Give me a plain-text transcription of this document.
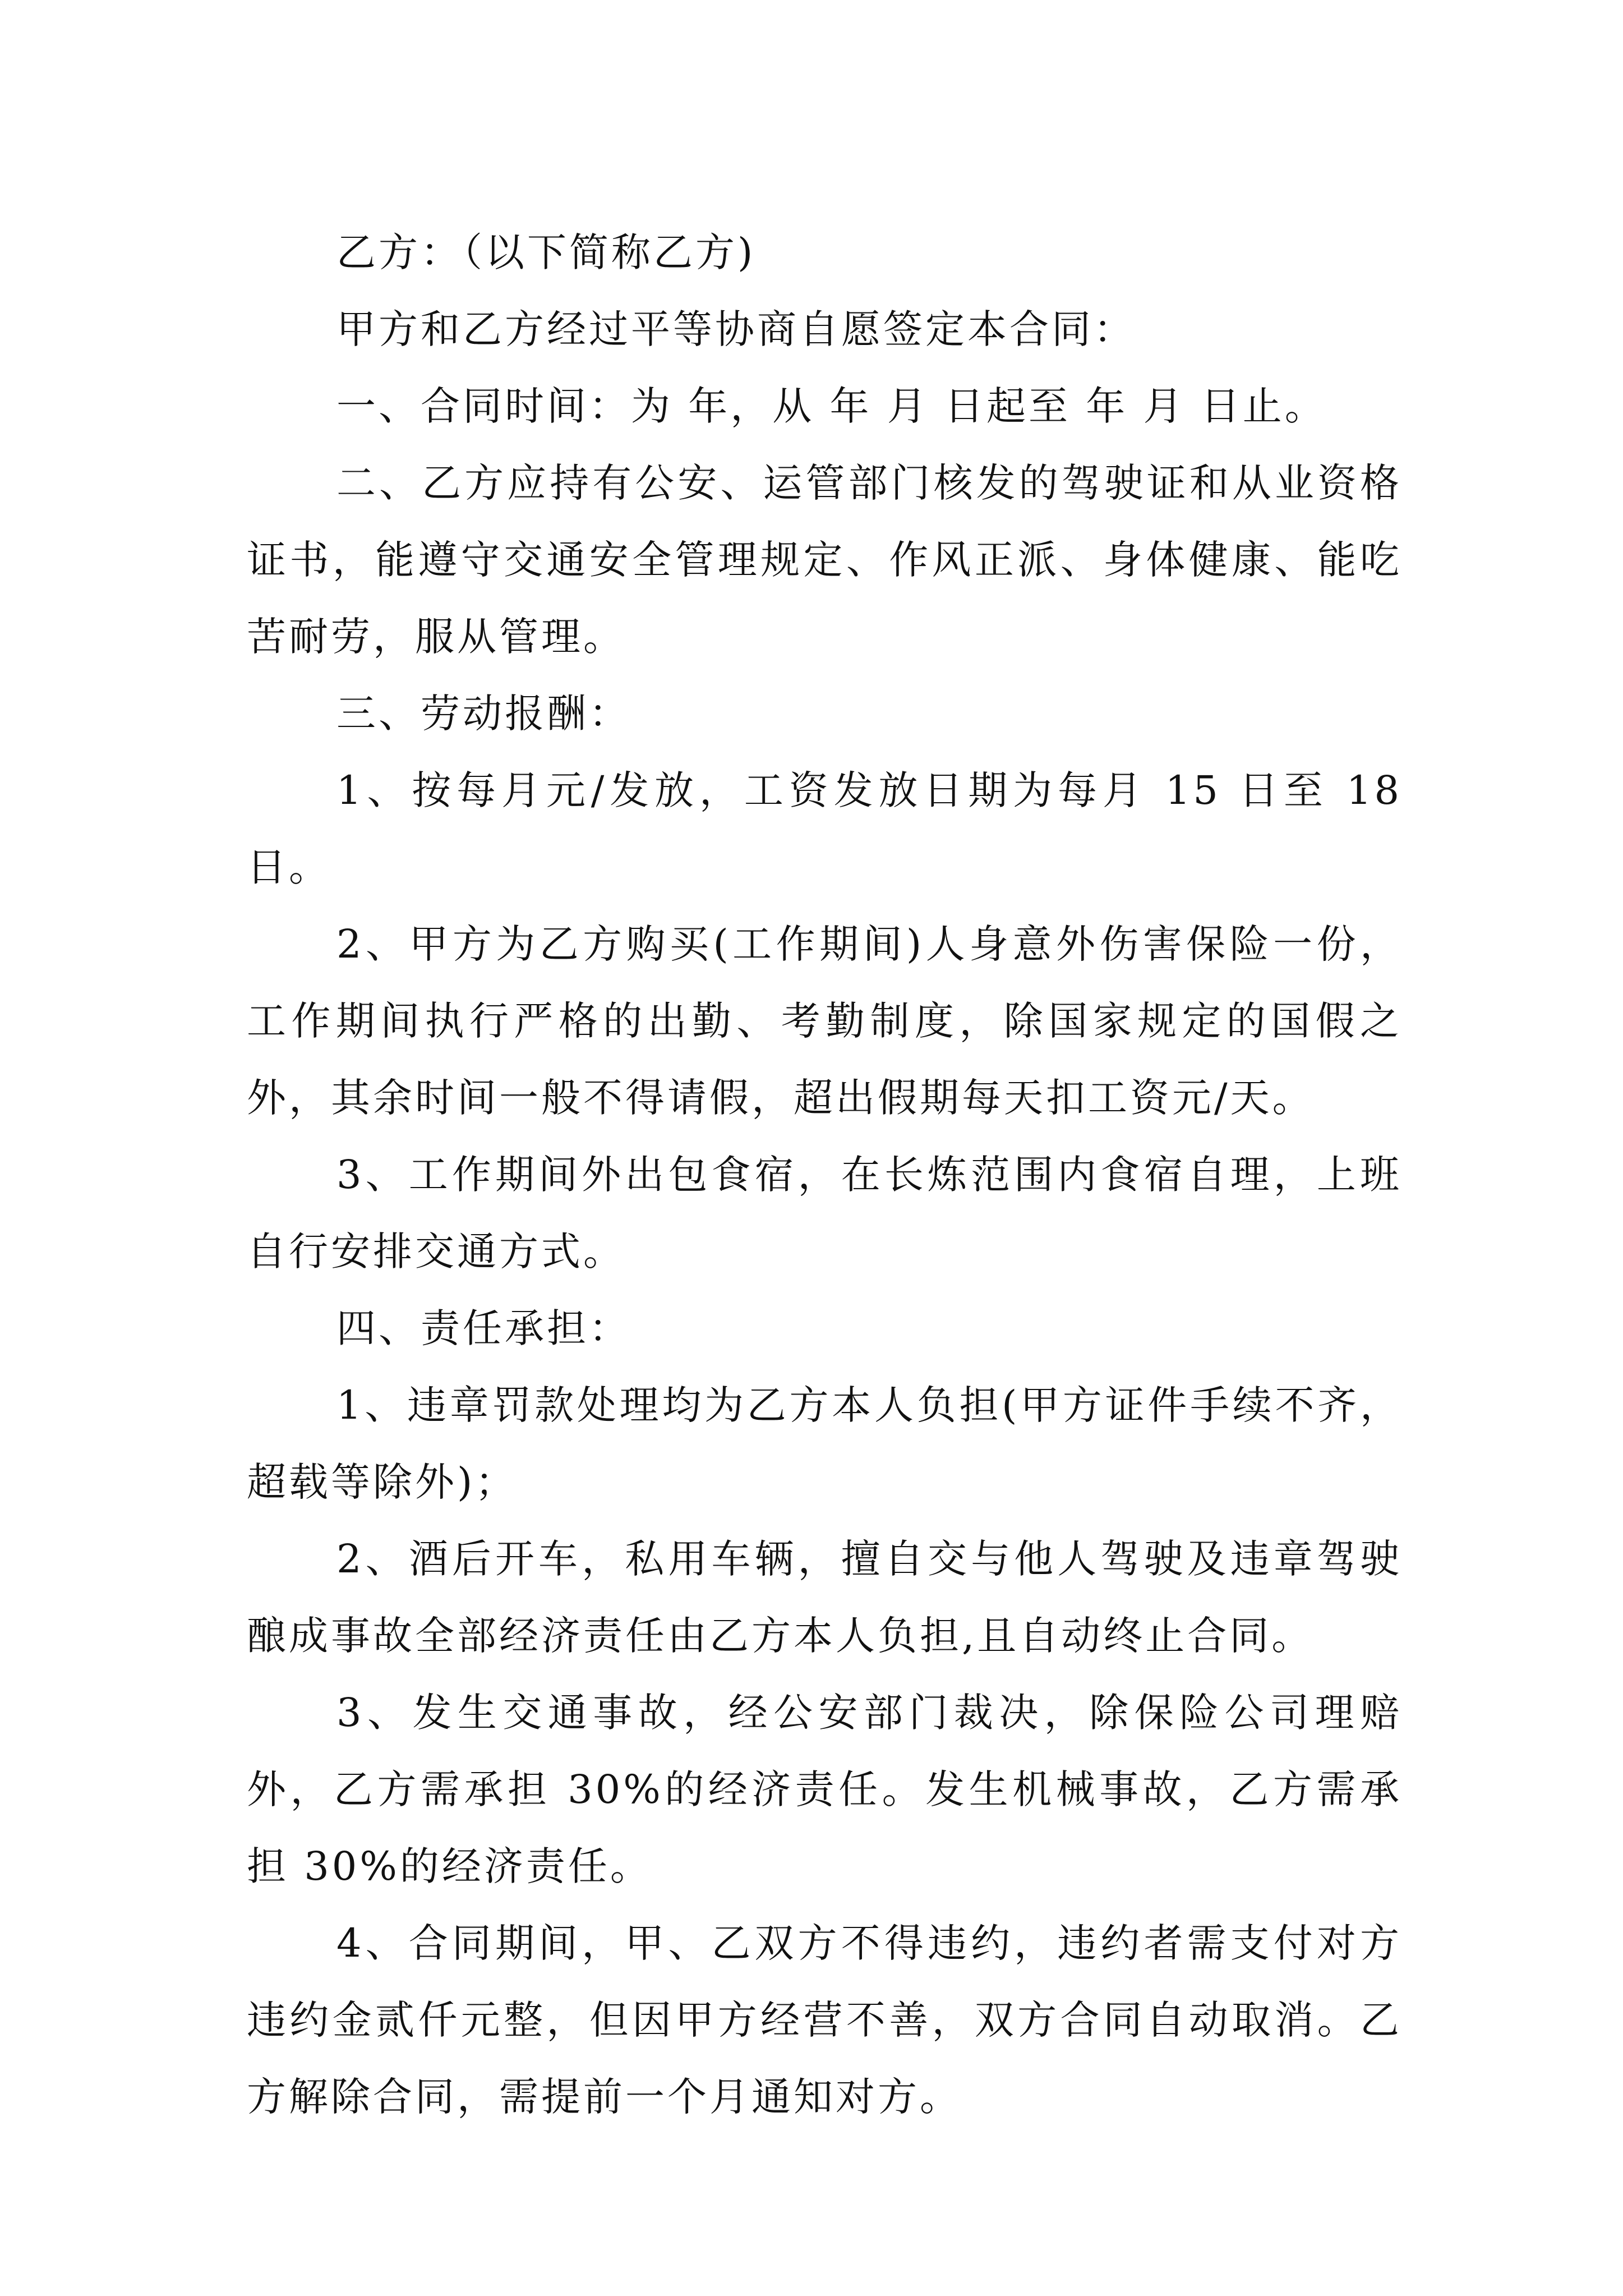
乙方：（以下简称乙方)

甲方和乙方经过平等协商自愿签定本合同：

一、合同时间：为 年，从 年 月 日起至 年 月 日止。

二、乙方应持有公安、运管部门核发的驾驶证和从业资格证书，能遵守交通安全管理规定、作风正派、身体健康、能吃苦耐劳，服从管理。

三、劳动报酬：

1、按每月元/发放，工资发放日期为每月 15 日至 18 日。

2、甲方为乙方购买(工作期间)人身意外伤害保险一份，工作期间执行严格的出勤、考勤制度，除国家规定的国假之外，其余时间一般不得请假，超出假期每天扣工资元/天。

3、工作期间外出包食宿，在长炼范围内食宿自理，上班自行安排交通方式。

四、责任承担：

1、违章罚款处理均为乙方本人负担(甲方证件手续不齐，超载等除外)；

2、酒后开车，私用车辆，擅自交与他人驾驶及违章驾驶酿成事故全部经济责任由乙方本人负担,且自动终止合同。

3、发生交通事故，经公安部门裁决，除保险公司理赔外，乙方需承担 30%的经济责任。发生机械事故，乙方需承担 30%的经济责任。

4、合同期间，甲、乙双方不得违约，违约者需支付对方违约金贰仟元整，但因甲方经营不善，双方合同自动取消。乙方解除合同，需提前一个月通知对方。
